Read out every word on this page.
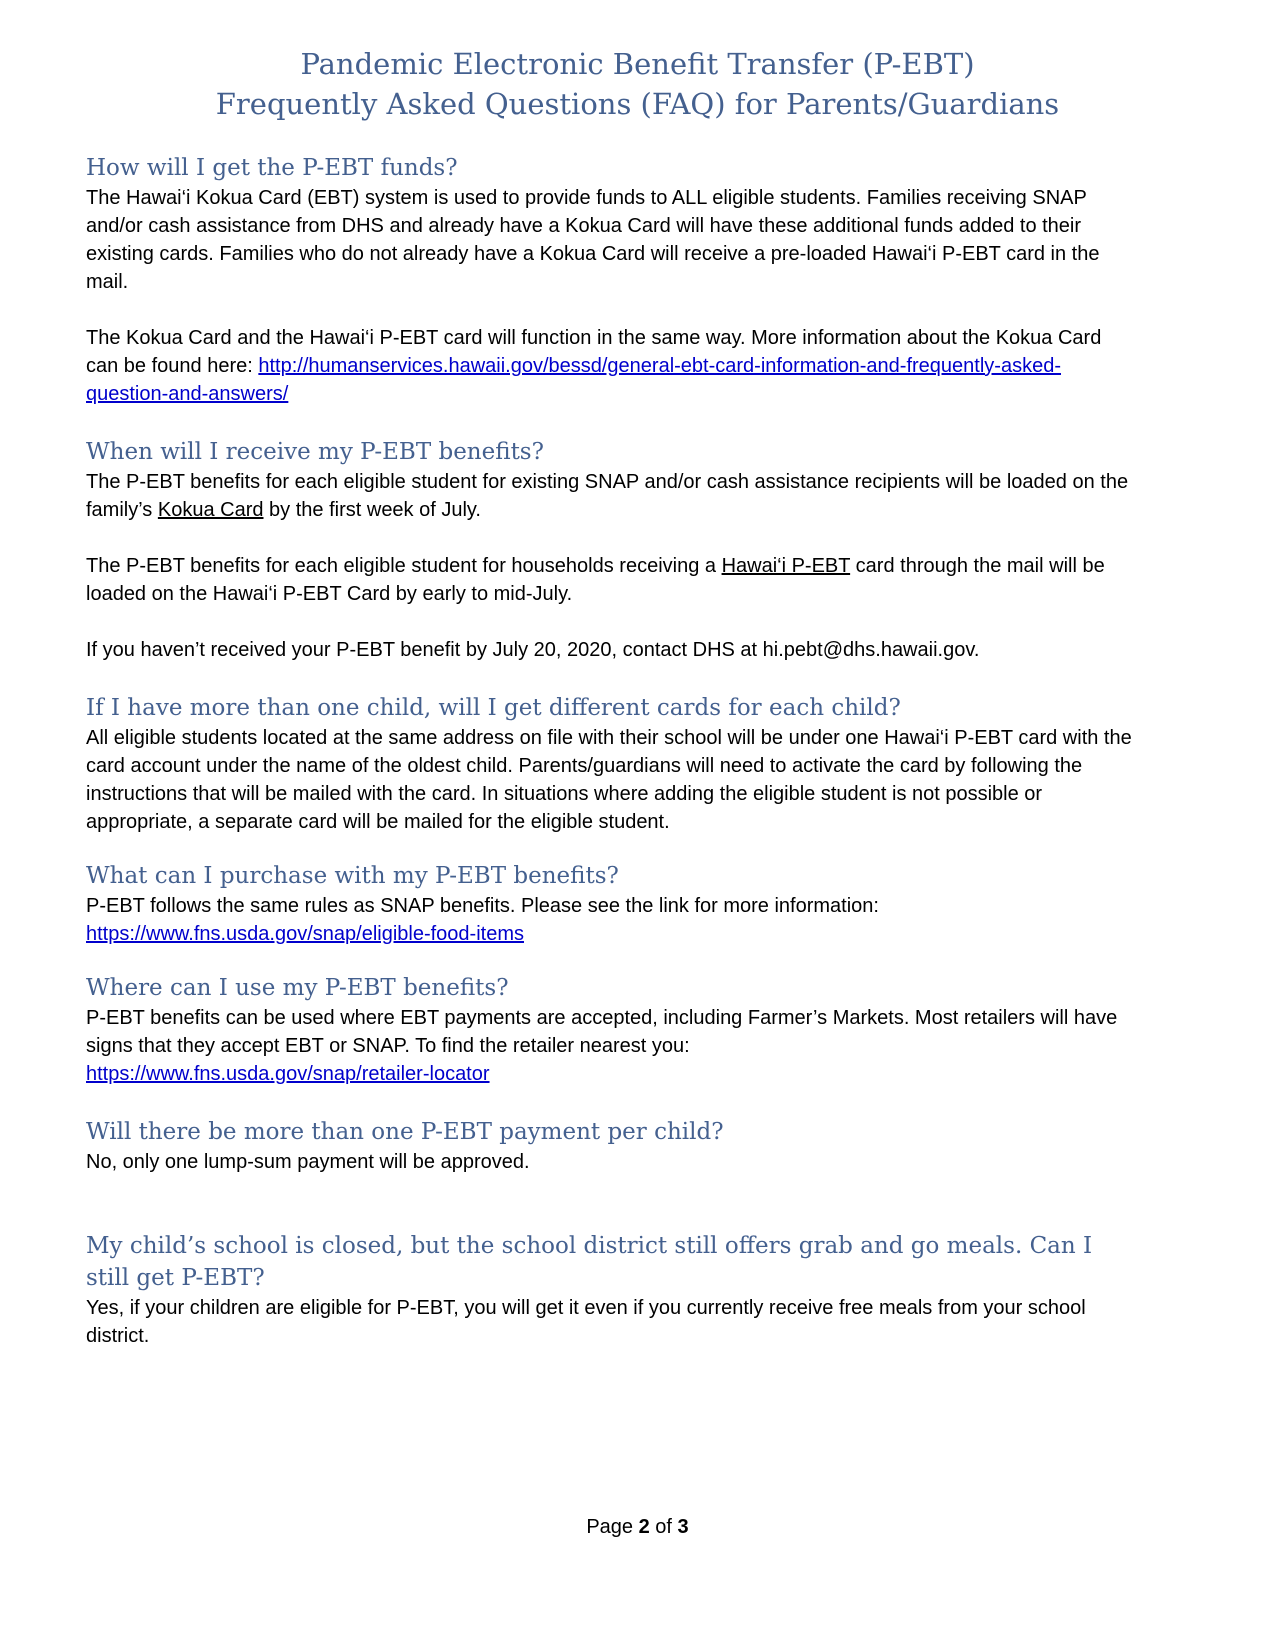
Pandemic Electronic Benefit Transfer (P-EBT)
Frequently Asked Questions (FAQ) for Parents/Guardians
How will I get the P-EBT funds?

The Hawai‘i Kokua Card (EBT) system is used to provide funds to ALL eligible students. Families receiving SNAP and/or cash assistance from DHS and already have a Kokua Card will have these additional funds added to their existing cards. Families who do not already have a Kokua Card will receive a pre-loaded Hawai‘i P-EBT card in the mail.

The Kokua Card and the Hawai‘i P-EBT card will function in the same way. More information about the Kokua Card can be found here: http://humanservices.hawaii.gov/bessd/general-ebt-card-information-and-frequently-asked-question-and-answers/

When will I receive my P-EBT benefits?

The P-EBT benefits for each eligible student for existing SNAP and/or cash assistance recipients will be loaded on the family’s Kokua Card by the first week of July.

The P-EBT benefits for each eligible student for households receiving a Hawai‘i P-EBT card through the mail will be loaded on the Hawai‘i P-EBT Card by early to mid-July.

If you haven’t received your P-EBT benefit by July 20, 2020, contact DHS at hi.pebt@dhs.hawaii.gov.

If I have more than one child, will I get different cards for each child?

All eligible students located at the same address on file with their school will be under one Hawai‘i P-EBT card with the card account under the name of the oldest child. Parents/guardians will need to activate the card by following the instructions that will be mailed with the card. In situations where adding the eligible student is not possible or appropriate, a separate card will be mailed for the eligible student.

What can I purchase with my P-EBT benefits?

P-EBT follows the same rules as SNAP benefits. Please see the link for more information:

https://www.fns.usda.gov/snap/eligible-food-items

Where can I use my P-EBT benefits?

P-EBT benefits can be used where EBT payments are accepted, including Farmer’s Markets. Most retailers will have signs that they accept EBT or SNAP. To find the retailer nearest you:

https://www.fns.usda.gov/snap/retailer-locator

Will there be more than one P-EBT payment per child?

No, only one lump-sum payment will be approved.

My child’s school is closed, but the school district still offers grab and go meals. Can I still get P-EBT?

Yes, if your children are eligible for P-EBT, you will get it even if you currently receive free meals from your school district.

Page 2 of 3
